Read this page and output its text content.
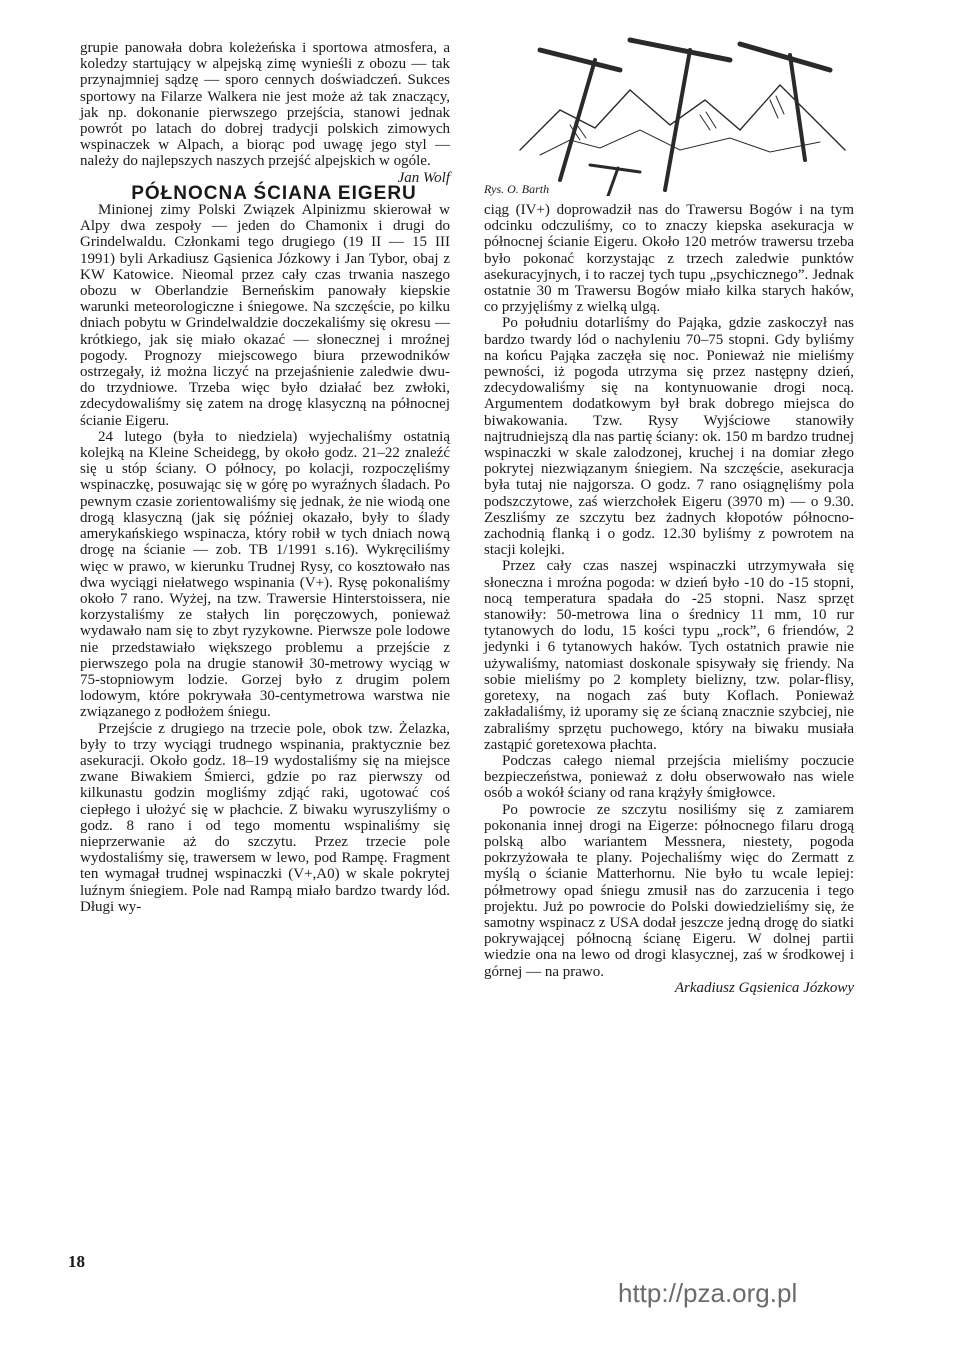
Rys. O. Barth

grupie panowała dobra koleżeńska i sportowa atmosfera, a koledzy startujący w alpejską zimę wynieśli z obozu — tak przynajmniej sądzę — sporo cennych doświadczeń. Sukces sportowy na Filarze Walkera nie jest może aż tak znaczący, jak np. dokonanie pierwszego przejścia, stanowi jednak powrót po latach do dobrej tradycji polskich zimowych wspinaczek w Alpach, a biorąc pod uwagę jego styl — należy do najlepszych naszych przejść alpejskich w ogóle.

Jan Wolf

PÓŁNOCNA ŚCIANA EIGERU

Minionej zimy Polski Związek Alpinizmu skierował w Alpy dwa zespoły — jeden do Chamonix i drugi do Grindelwaldu. Członkami tego drugiego (19 II — 15 III 1991) byli Arkadiusz Gąsienica Józkowy i Jan Tybor, obaj z KW Katowice. Nieomal przez cały czas trwania naszego obozu w Oberlandzie Berneńskim panowały kiepskie warunki meteorologiczne i śniegowe. Na szczęście, po kilku dniach pobytu w Grindelwaldzie doczekaliśmy się okresu — krótkiego, jak się miało okazać — słonecznej i mroźnej pogody. Prognozy miejscowego biura przewodników ostrzegały, iż można liczyć na przejaśnienie zaledwie dwu- do trzydniowe. Trzeba więc było działać bez zwłoki, zdecydowaliśmy się zatem na drogę klasyczną na północnej ścianie Eigeru.

24 lutego (była to niedziela) wyjechaliśmy ostatnią kolejką na Kleine Scheidegg, by około godz. 21–22 znaleźć się u stóp ściany. O północy, po kolacji, rozpoczęliśmy wspinaczkę, posuwając się w górę po wyraźnych śladach. Po pewnym czasie zorientowaliśmy się jednak, że nie wiodą one drogą klasyczną (jak się później okazało, były to ślady amerykańskiego wspinacza, który robił w tych dniach nową drogę na ścianie — zob. TB 1/1991 s.16). Wykręciliśmy więc w prawo, w kierunku Trudnej Rysy, co kosztowało nas dwa wyciągi niełatwego wspinania (V+). Rysę pokonaliśmy około 7 rano. Wyżej, na tzw. Trawersie Hinterstoissera, nie korzystaliśmy ze stałych lin poręczowych, ponieważ wydawało nam się to zbyt ryzykowne. Pierwsze pole lodowe nie przedstawiało większego problemu a przejście z pierwszego pola na drugie stanowił 30-metrowy wyciąg w 75-stopniowym lodzie. Gorzej było z drugim polem lodowym, które pokrywała 30-centymetrowa warstwa nie związanego z podłożem śniegu.

Przejście z drugiego na trzecie pole, obok tzw. Żelazka, były to trzy wyciągi trudnego wspinania, praktycznie bez asekuracji. Około godz. 18–19 wydostaliśmy się na miejsce zwane Biwakiem Śmierci, gdzie po raz pierwszy od kilkunastu godzin mogliśmy zdjąć raki, ugotować coś ciepłego i ułożyć się w płachcie. Z biwaku wyruszyliśmy o godz. 8 rano i od tego momentu wspinaliśmy się nieprzerwanie aż do szczytu. Przez trzecie pole wydostaliśmy się, trawersem w lewo, pod Rampę. Fragment ten wymagał trudnej wspinaczki (V+,A0) w skale pokrytej luźnym śniegiem. Pole nad Rampą miało bardzo twardy lód. Długi wy-

ciąg (IV+) doprowadził nas do Trawersu Bogów i na tym odcinku odczuliśmy, co to znaczy kiepska asekuracja w północnej ścianie Eigeru. Około 120 metrów trawersu trzeba było pokonać korzystając z trzech zaledwie punktów asekuracyjnych, i to raczej tych tupu „psychicznego”. Jednak ostatnie 30 m Trawersu Bogów miało kilka starych haków, co przyjęliśmy z wielką ulgą.

Po południu dotarliśmy do Pająka, gdzie zaskoczył nas bardzo twardy lód o nachyleniu 70–75 stopni. Gdy byliśmy na końcu Pająka zaczęła się noc. Ponieważ nie mieliśmy pewności, iż pogoda utrzyma się przez następny dzień, zdecydowaliśmy się na kontynuowanie drogi nocą. Argumentem dodatkowym był brak dobrego miejsca do biwakowania. Tzw. Rysy Wyjściowe stanowiły najtrudniejszą dla nas partię ściany: ok. 150 m bardzo trudnej wspinaczki w skale zalodzonej, kruchej i na domiar złego pokrytej niezwiązanym śniegiem. Na szczęście, asekuracja była tutaj nie najgorsza. O godz. 7 rano osiągnęliśmy pola podszczytowe, zaś wierzchołek Eigeru (3970 m) — o 9.30. Zeszliśmy ze szczytu bez żadnych kłopotów północno-zachodnią flanką i o godz. 12.30 byliśmy z powrotem na stacji kolejki.

Przez cały czas naszej wspinaczki utrzymywała się słoneczna i mroźna pogoda: w dzień było -10 do -15 stopni, nocą temperatura spadała do -25 stopni. Nasz sprzęt stanowiły: 50-metrowa lina o średnicy 11 mm, 10 rur tytanowych do lodu, 15 kości typu „rock”, 6 friendów, 2 jedynki i 6 tytanowych haków. Tych ostatnich prawie nie używaliśmy, natomiast doskonale spisywały się friendy. Na sobie mieliśmy po 2 komplety bielizny, tzw. polar-flisy, goretexy, na nogach zaś buty Koflach. Ponieważ zakładaliśmy, iż uporamy się ze ścianą znacznie szybciej, nie zabraliśmy sprzętu puchowego, który na biwaku musiała zastąpić goretexowa płachta.

Podczas całego niemal przejścia mieliśmy poczucie bezpieczeństwa, ponieważ z dołu obserwowało nas wiele osób a wokół ściany od rana krążyły śmigłowce.

Po powrocie ze szczytu nosiliśmy się z zamiarem pokonania innej drogi na Eigerze: północnego filaru drogą polską albo wariantem Messnera, niestety, pogoda pokrzyżowała te plany. Pojechaliśmy więc do Zermatt z myślą o ścianie Matterhornu. Nie było tu wcale lepiej: półmetrowy opad śniegu zmusił nas do zarzucenia i tego projektu. Już po powrocie do Polski dowiedzieliśmy się, że samotny wspinacz z USA dodał jeszcze jedną drogę do siatki pokrywającej północną ścianę Eigeru. W dolnej partii wiedzie ona na lewo od drogi klasycznej, zaś w środkowej i górnej — na prawo.

Arkadiusz Gąsienica Józkowy

18
http://pza.org.pl
